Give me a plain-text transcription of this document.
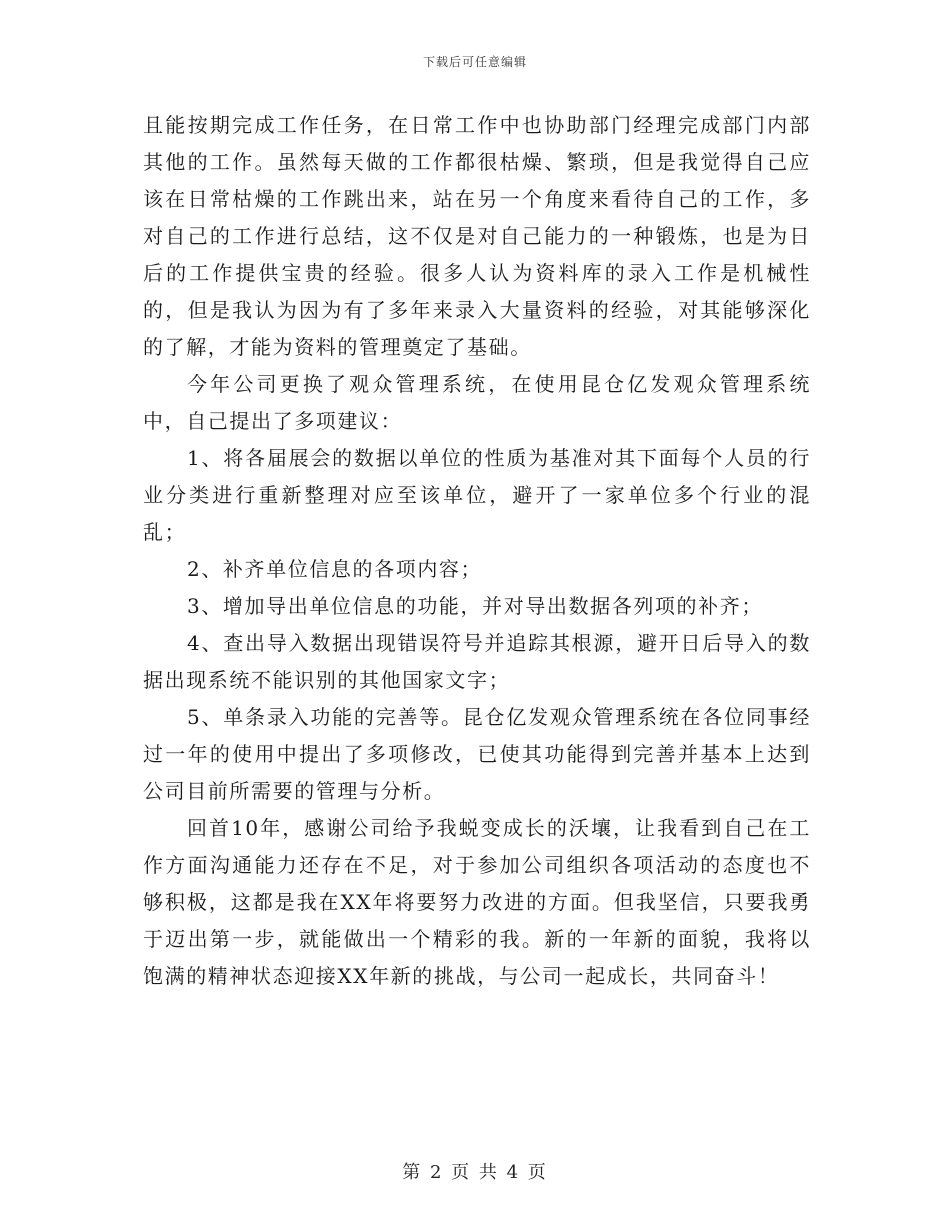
下载后可任意编辑

且能按期完成工作任务，在日常工作中也协助部门经理完成部门内部其他的工作。虽然每天做的工作都很枯燥、繁琐，但是我觉得自己应该在日常枯燥的工作跳出来，站在另一个角度来看待自己的工作，多对自己的工作进行总结，这不仅是对自己能力的一种锻炼，也是为日后的工作提供宝贵的经验。很多人认为资料库的录入工作是机械性的，但是我认为因为有了多年来录入大量资料的经验，对其能够深化的了解，才能为资料的管理奠定了基础。

今年公司更换了观众管理系统，在使用昆仓亿发观众管理系统中，自己提出了多项建议：

1、将各届展会的数据以单位的性质为基准对其下面每个人员的行业分类进行重新整理对应至该单位，避开了一家单位多个行业的混乱；

2、补齐单位信息的各项内容；

3、增加导出单位信息的功能，并对导出数据各列项的补齐；

4、查出导入数据出现错误符号并追踪其根源，避开日后导入的数据出现系统不能识别的其他国家文字；

5、单条录入功能的完善等。昆仓亿发观众管理系统在各位同事经过一年的使用中提出了多项修改，已使其功能得到完善并基本上达到公司目前所需要的管理与分析。

回首10年，感谢公司给予我蜕变成长的沃壤，让我看到自己在工作方面沟通能力还存在不足，对于参加公司组织各项活动的态度也不够积极，这都是我在XX年将要努力改进的方面。但我坚信，只要我勇于迈出第一步，就能做出一个精彩的我。新的一年新的面貌，我将以饱满的精神状态迎接XX年新的挑战，与公司一起成长，共同奋斗！

第 2 页 共 4 页
